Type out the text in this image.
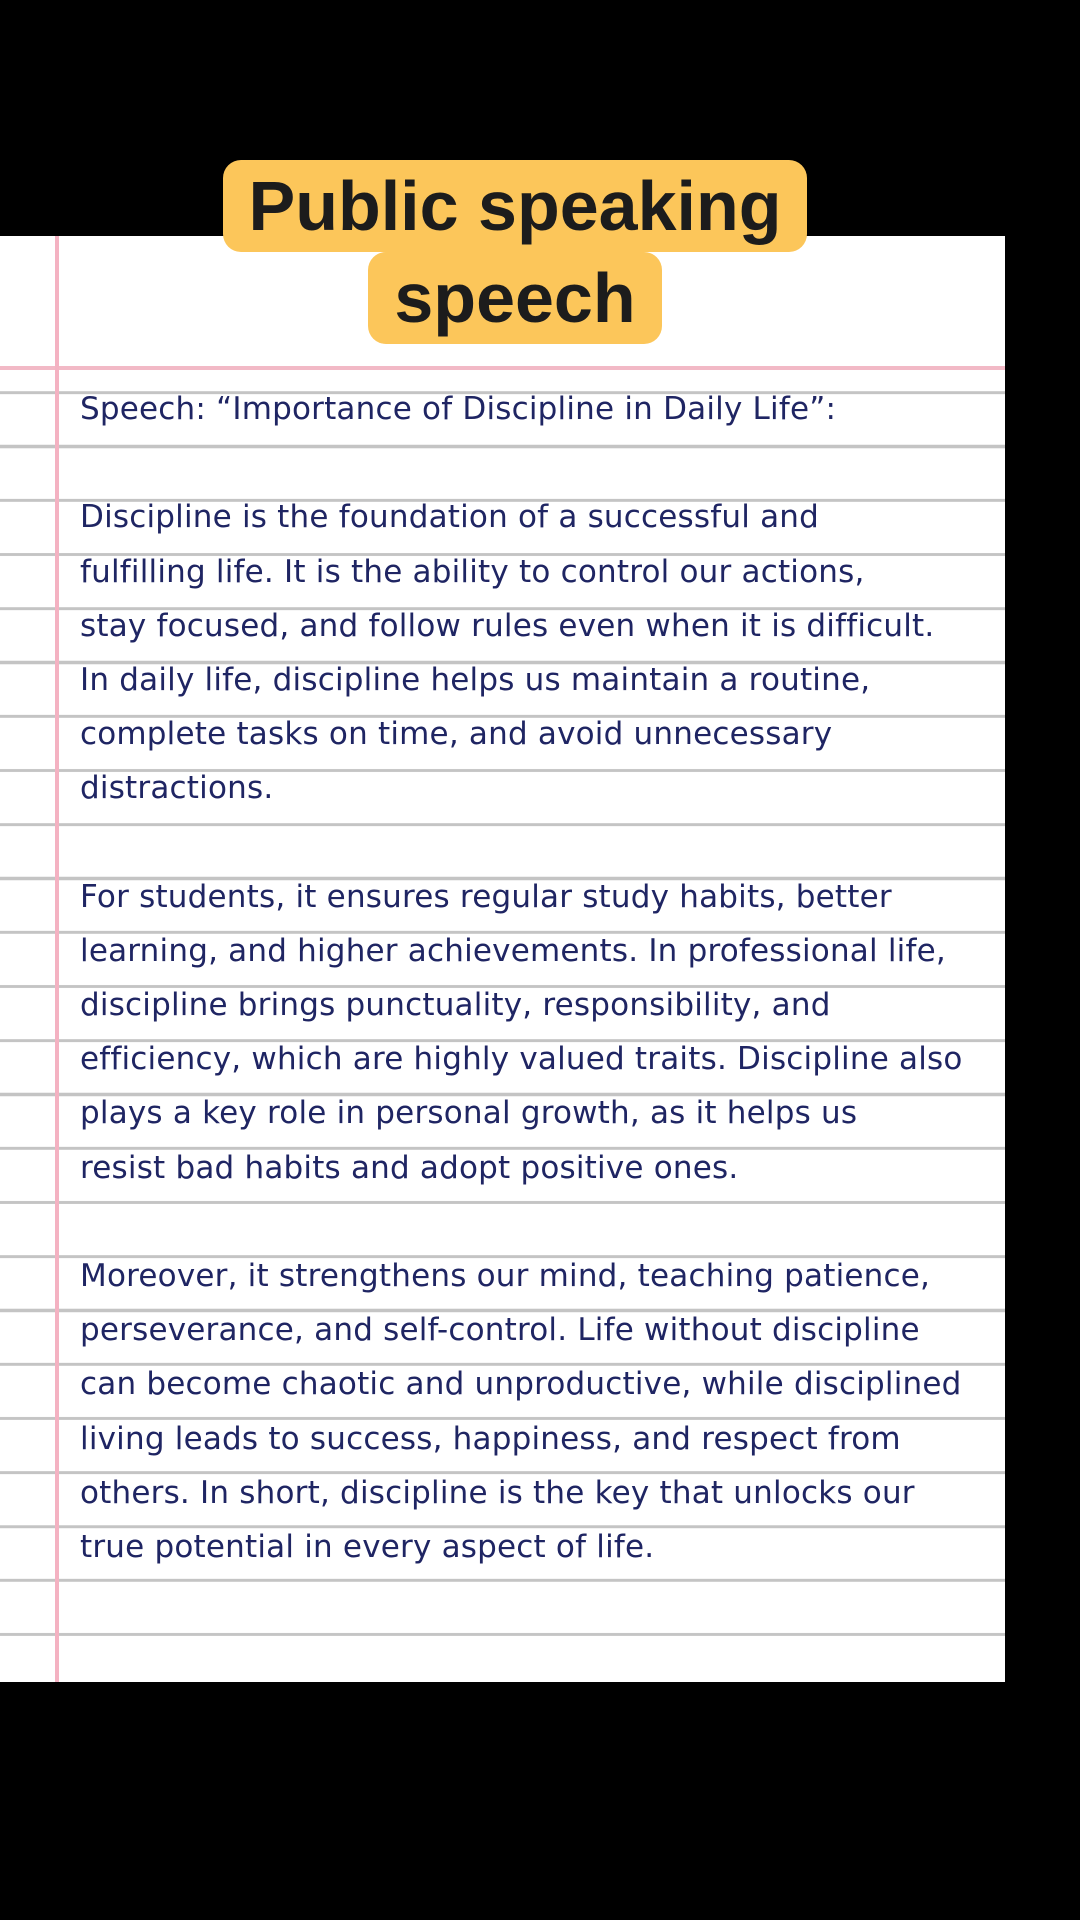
Public speaking
speech
Speech: “Importance of Discipline in Daily Life”:
Discipline is the foundation of a successful and
fulfilling life. It is the ability to control our actions,
stay focused, and follow rules even when it is difficult.
In daily life, discipline helps us maintain a routine,
complete tasks on time, and avoid unnecessary
distractions.
For students, it ensures regular study habits, better
learning, and higher achievements. In professional life,
discipline brings punctuality, responsibility, and
efficiency, which are highly valued traits. Discipline also
plays a key role in personal growth, as it helps us
resist bad habits and adopt positive ones.
Moreover, it strengthens our mind, teaching patience,
perseverance, and self-control. Life without discipline
can become chaotic and unproductive, while disciplined
living leads to success, happiness, and respect from
others. In short, discipline is the key that unlocks our
true potential in every aspect of life.
